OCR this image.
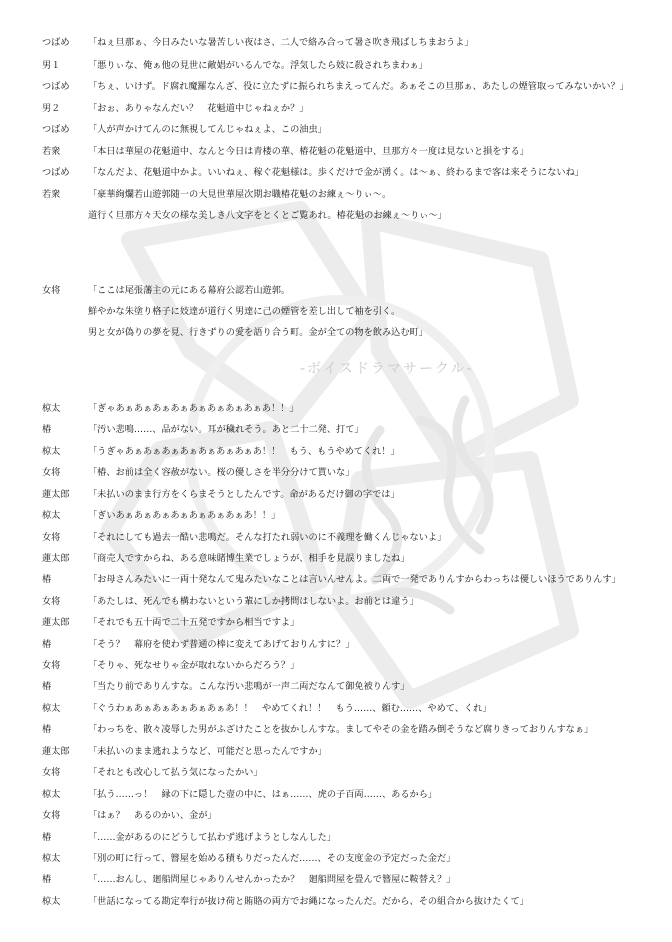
-ボイスドラマサークル-
つばめ 「ねぇ旦那ぁ、今日みたいな暑苦しい夜はさ、二人で絡み合って暑さ吹き飛ばしちまおうよ」
男１	「悪りぃな、俺ぁ他の見世に敵娼がいるんでな。浮気したら妓に殺されちまわぁ」
つばめ 「ちぇ、いけず。ド腐れ魔羅なんざ、役に立たずに振られちまえってんだ。あぁそこの旦那ぁ、あたしの煙管取ってみないかい？」
男２	「おぉ、ありゃなんだい？　花魁道中じゃねぇか？」
つばめ 「人が声かけてんのに無視してんじゃねぇよ、この油虫」
若衆	「本日は華屋の花魁道中、なんと今日は青楼の華、椿花魁の花魁道中、旦那方々一度は見ないと損をする」
つばめ 「なんだよ、花魁道中かよ。いいねぇ、稼ぐ花魁様は。歩くだけで金が湧く。は～ぁ、終わるまで客は来そうにないね」
若衆	「豪華絢爛若山遊郭随一の大見世華屋次期お職椿花魁のお練ぇ～りぃ～。
道行く旦那方々天女の様な美しき八文字をとくとご覧あれ。椿花魁のお練ぇ～りぃ～」
女将	「ここは尾張藩主の元にある幕府公認若山遊郭。
鮮やかな朱塗り格子に妓達が道行く男達に己の煙管を差し出して袖を引く。
男と女が偽りの夢を見、行きずりの愛を語り合う町。金が全ての物を飲み込む町」
椋太	「ぎゃあぁあぁあぁあぁあぁあぁあぁあぁあ！！」
椿	「汚い悲鳴……、品がない。耳が穢れそう。あと二十二発、打て」
椋太	「うぎゃあぁあぁあぁあぁあぁあぁあぁあ！！　もう、もうやめてくれ！」
女将	「椿、お前は全く容赦がない。桜の優しさを半分分けて貰いな」
蓮太郎 「未払いのまま行方をくらまそうとしたんです。命があるだけ御の字では」
椋太	「ぎいあぁあぁあぁあぁあぁあぁあぁあ！！」
女将	「それにしても過去一酷い悲鳴だ。そんな打たれ弱いのに不義理を働くんじゃないよ」
蓮太郎 「商売人ですからね、ある意味賭博生業でしょうが、相手を見誤りましたね」
椿	「お母さんみたいに一両十発なんて鬼みたいなことは言いんせんよ。二両で一発でありんすからわっちは優しいほうでありんす」
女将	「あたしは、死んでも構わないという輩にしか拷問はしないよ。お前とは違う」
蓮太郎 「それでも五十両で二十五発ですから相当ですよ」
椿	「そう？　幕府を使わず普通の棒に変えてあげておりんすに？」
女将	「そりゃ、死なせりゃ金が取れないからだろう？」
椿	「当たり前でありんすな。こんな汚い悲鳴が一声二両だなんて御免被りんす」
椋太	「ぐうわぁあぁあぁあぁあぁあぁあ！！　やめてくれ！！　もう……、頼む……、やめて、くれ」
椿	「わっちを、散々凌辱した男がふざけたことを抜かしんすな。ましてやその金を踏み倒そうなど腐りきっておりんすなぁ」
蓮太郎 「未払いのまま逃れようなど、可能だと思ったんですか」
女将	「それとも改心して払う気になったかい」
椋太	「払う……っ！　縁の下に隠した壺の中に、はぁ……、虎の子百両……、あるから」
女将	「はぁ？　あるのかい、金が」
椿	「……金があるのにどうして払わず逃げようとしなんした」
椋太	「別の町に行って、簪屋を始める積もりだったんだ……、その支度金の予定だった金だ」
椿	「……おんし、廻船問屋じゃありんせんかったか？　廻船問屋を畳んで簪屋に鞍替え？」
椋太	「世話になってる勘定奉行が抜け荷と賄賂の両方でお縄になったんだ。だから、その組合から抜けたくて」
